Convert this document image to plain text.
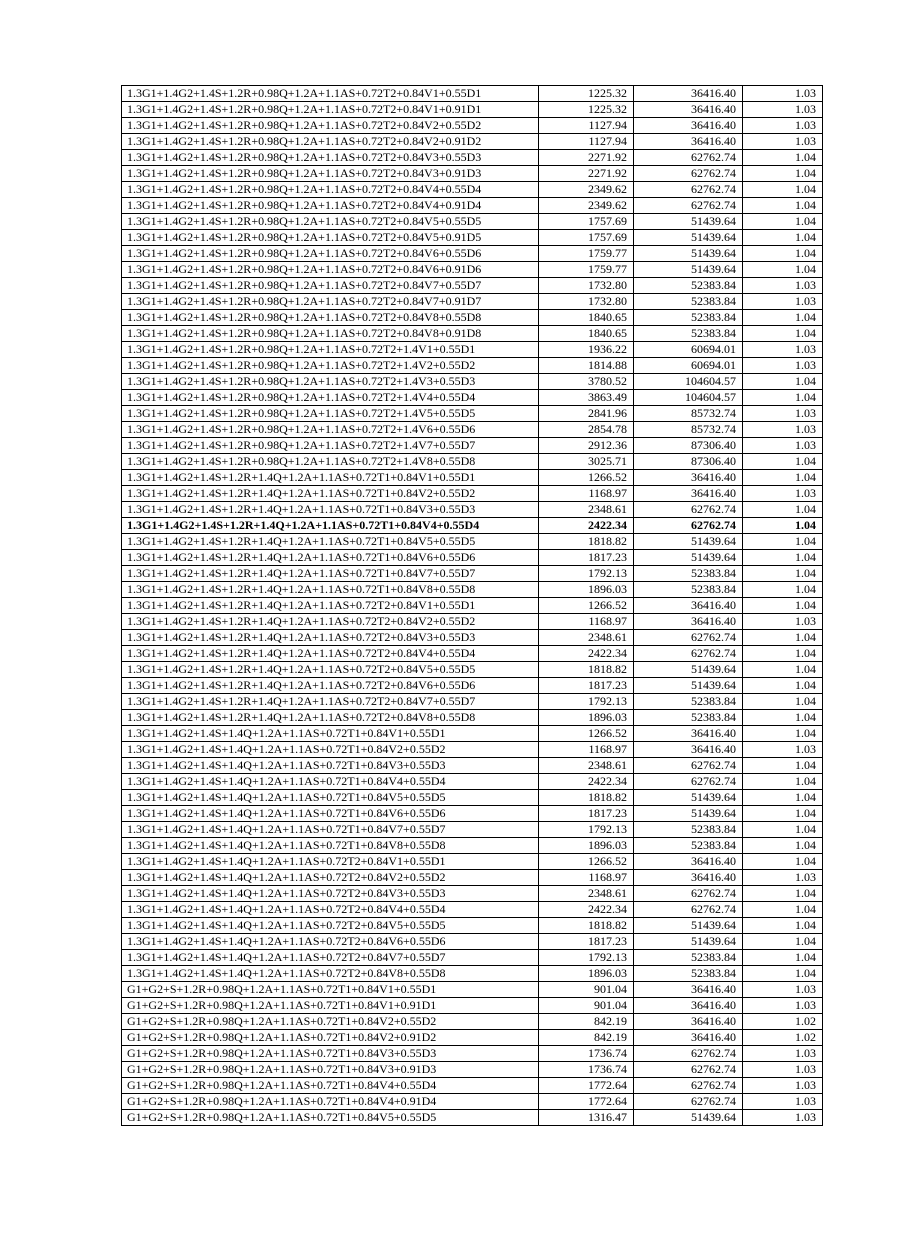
1.3G1+1.4G2+1.4S+1.2R+0.98Q+1.2A+1.1AS+0.72T2+0.84V1+0.55D1	1225.32	36416.40	1.03
1.3G1+1.4G2+1.4S+1.2R+0.98Q+1.2A+1.1AS+0.72T2+0.84V1+0.91D1	1225.32	36416.40	1.03
1.3G1+1.4G2+1.4S+1.2R+0.98Q+1.2A+1.1AS+0.72T2+0.84V2+0.55D2	1127.94	36416.40	1.03
1.3G1+1.4G2+1.4S+1.2R+0.98Q+1.2A+1.1AS+0.72T2+0.84V2+0.91D2	1127.94	36416.40	1.03
1.3G1+1.4G2+1.4S+1.2R+0.98Q+1.2A+1.1AS+0.72T2+0.84V3+0.55D3	2271.92	62762.74	1.04
1.3G1+1.4G2+1.4S+1.2R+0.98Q+1.2A+1.1AS+0.72T2+0.84V3+0.91D3	2271.92	62762.74	1.04
1.3G1+1.4G2+1.4S+1.2R+0.98Q+1.2A+1.1AS+0.72T2+0.84V4+0.55D4	2349.62	62762.74	1.04
1.3G1+1.4G2+1.4S+1.2R+0.98Q+1.2A+1.1AS+0.72T2+0.84V4+0.91D4	2349.62	62762.74	1.04
1.3G1+1.4G2+1.4S+1.2R+0.98Q+1.2A+1.1AS+0.72T2+0.84V5+0.55D5	1757.69	51439.64	1.04
1.3G1+1.4G2+1.4S+1.2R+0.98Q+1.2A+1.1AS+0.72T2+0.84V5+0.91D5	1757.69	51439.64	1.04
1.3G1+1.4G2+1.4S+1.2R+0.98Q+1.2A+1.1AS+0.72T2+0.84V6+0.55D6	1759.77	51439.64	1.04
1.3G1+1.4G2+1.4S+1.2R+0.98Q+1.2A+1.1AS+0.72T2+0.84V6+0.91D6	1759.77	51439.64	1.04
1.3G1+1.4G2+1.4S+1.2R+0.98Q+1.2A+1.1AS+0.72T2+0.84V7+0.55D7	1732.80	52383.84	1.03
1.3G1+1.4G2+1.4S+1.2R+0.98Q+1.2A+1.1AS+0.72T2+0.84V7+0.91D7	1732.80	52383.84	1.03
1.3G1+1.4G2+1.4S+1.2R+0.98Q+1.2A+1.1AS+0.72T2+0.84V8+0.55D8	1840.65	52383.84	1.04
1.3G1+1.4G2+1.4S+1.2R+0.98Q+1.2A+1.1AS+0.72T2+0.84V8+0.91D8	1840.65	52383.84	1.04
1.3G1+1.4G2+1.4S+1.2R+0.98Q+1.2A+1.1AS+0.72T2+1.4V1+0.55D1	1936.22	60694.01	1.03
1.3G1+1.4G2+1.4S+1.2R+0.98Q+1.2A+1.1AS+0.72T2+1.4V2+0.55D2	1814.88	60694.01	1.03
1.3G1+1.4G2+1.4S+1.2R+0.98Q+1.2A+1.1AS+0.72T2+1.4V3+0.55D3	3780.52	104604.57	1.04
1.3G1+1.4G2+1.4S+1.2R+0.98Q+1.2A+1.1AS+0.72T2+1.4V4+0.55D4	3863.49	104604.57	1.04
1.3G1+1.4G2+1.4S+1.2R+0.98Q+1.2A+1.1AS+0.72T2+1.4V5+0.55D5	2841.96	85732.74	1.03
1.3G1+1.4G2+1.4S+1.2R+0.98Q+1.2A+1.1AS+0.72T2+1.4V6+0.55D6	2854.78	85732.74	1.03
1.3G1+1.4G2+1.4S+1.2R+0.98Q+1.2A+1.1AS+0.72T2+1.4V7+0.55D7	2912.36	87306.40	1.03
1.3G1+1.4G2+1.4S+1.2R+0.98Q+1.2A+1.1AS+0.72T2+1.4V8+0.55D8	3025.71	87306.40	1.04
1.3G1+1.4G2+1.4S+1.2R+1.4Q+1.2A+1.1AS+0.72T1+0.84V1+0.55D1	1266.52	36416.40	1.04
1.3G1+1.4G2+1.4S+1.2R+1.4Q+1.2A+1.1AS+0.72T1+0.84V2+0.55D2	1168.97	36416.40	1.03
1.3G1+1.4G2+1.4S+1.2R+1.4Q+1.2A+1.1AS+0.72T1+0.84V3+0.55D3	2348.61	62762.74	1.04
1.3G1+1.4G2+1.4S+1.2R+1.4Q+1.2A+1.1AS+0.72T1+0.84V4+0.55D4	2422.34	62762.74	1.04
1.3G1+1.4G2+1.4S+1.2R+1.4Q+1.2A+1.1AS+0.72T1+0.84V5+0.55D5	1818.82	51439.64	1.04
1.3G1+1.4G2+1.4S+1.2R+1.4Q+1.2A+1.1AS+0.72T1+0.84V6+0.55D6	1817.23	51439.64	1.04
1.3G1+1.4G2+1.4S+1.2R+1.4Q+1.2A+1.1AS+0.72T1+0.84V7+0.55D7	1792.13	52383.84	1.04
1.3G1+1.4G2+1.4S+1.2R+1.4Q+1.2A+1.1AS+0.72T1+0.84V8+0.55D8	1896.03	52383.84	1.04
1.3G1+1.4G2+1.4S+1.2R+1.4Q+1.2A+1.1AS+0.72T2+0.84V1+0.55D1	1266.52	36416.40	1.04
1.3G1+1.4G2+1.4S+1.2R+1.4Q+1.2A+1.1AS+0.72T2+0.84V2+0.55D2	1168.97	36416.40	1.03
1.3G1+1.4G2+1.4S+1.2R+1.4Q+1.2A+1.1AS+0.72T2+0.84V3+0.55D3	2348.61	62762.74	1.04
1.3G1+1.4G2+1.4S+1.2R+1.4Q+1.2A+1.1AS+0.72T2+0.84V4+0.55D4	2422.34	62762.74	1.04
1.3G1+1.4G2+1.4S+1.2R+1.4Q+1.2A+1.1AS+0.72T2+0.84V5+0.55D5	1818.82	51439.64	1.04
1.3G1+1.4G2+1.4S+1.2R+1.4Q+1.2A+1.1AS+0.72T2+0.84V6+0.55D6	1817.23	51439.64	1.04
1.3G1+1.4G2+1.4S+1.2R+1.4Q+1.2A+1.1AS+0.72T2+0.84V7+0.55D7	1792.13	52383.84	1.04
1.3G1+1.4G2+1.4S+1.2R+1.4Q+1.2A+1.1AS+0.72T2+0.84V8+0.55D8	1896.03	52383.84	1.04
1.3G1+1.4G2+1.4S+1.4Q+1.2A+1.1AS+0.72T1+0.84V1+0.55D1	1266.52	36416.40	1.04
1.3G1+1.4G2+1.4S+1.4Q+1.2A+1.1AS+0.72T1+0.84V2+0.55D2	1168.97	36416.40	1.03
1.3G1+1.4G2+1.4S+1.4Q+1.2A+1.1AS+0.72T1+0.84V3+0.55D3	2348.61	62762.74	1.04
1.3G1+1.4G2+1.4S+1.4Q+1.2A+1.1AS+0.72T1+0.84V4+0.55D4	2422.34	62762.74	1.04
1.3G1+1.4G2+1.4S+1.4Q+1.2A+1.1AS+0.72T1+0.84V5+0.55D5	1818.82	51439.64	1.04
1.3G1+1.4G2+1.4S+1.4Q+1.2A+1.1AS+0.72T1+0.84V6+0.55D6	1817.23	51439.64	1.04
1.3G1+1.4G2+1.4S+1.4Q+1.2A+1.1AS+0.72T1+0.84V7+0.55D7	1792.13	52383.84	1.04
1.3G1+1.4G2+1.4S+1.4Q+1.2A+1.1AS+0.72T1+0.84V8+0.55D8	1896.03	52383.84	1.04
1.3G1+1.4G2+1.4S+1.4Q+1.2A+1.1AS+0.72T2+0.84V1+0.55D1	1266.52	36416.40	1.04
1.3G1+1.4G2+1.4S+1.4Q+1.2A+1.1AS+0.72T2+0.84V2+0.55D2	1168.97	36416.40	1.03
1.3G1+1.4G2+1.4S+1.4Q+1.2A+1.1AS+0.72T2+0.84V3+0.55D3	2348.61	62762.74	1.04
1.3G1+1.4G2+1.4S+1.4Q+1.2A+1.1AS+0.72T2+0.84V4+0.55D4	2422.34	62762.74	1.04
1.3G1+1.4G2+1.4S+1.4Q+1.2A+1.1AS+0.72T2+0.84V5+0.55D5	1818.82	51439.64	1.04
1.3G1+1.4G2+1.4S+1.4Q+1.2A+1.1AS+0.72T2+0.84V6+0.55D6	1817.23	51439.64	1.04
1.3G1+1.4G2+1.4S+1.4Q+1.2A+1.1AS+0.72T2+0.84V7+0.55D7	1792.13	52383.84	1.04
1.3G1+1.4G2+1.4S+1.4Q+1.2A+1.1AS+0.72T2+0.84V8+0.55D8	1896.03	52383.84	1.04
G1+G2+S+1.2R+0.98Q+1.2A+1.1AS+0.72T1+0.84V1+0.55D1	901.04	36416.40	1.03
G1+G2+S+1.2R+0.98Q+1.2A+1.1AS+0.72T1+0.84V1+0.91D1	901.04	36416.40	1.03
G1+G2+S+1.2R+0.98Q+1.2A+1.1AS+0.72T1+0.84V2+0.55D2	842.19	36416.40	1.02
G1+G2+S+1.2R+0.98Q+1.2A+1.1AS+0.72T1+0.84V2+0.91D2	842.19	36416.40	1.02
G1+G2+S+1.2R+0.98Q+1.2A+1.1AS+0.72T1+0.84V3+0.55D3	1736.74	62762.74	1.03
G1+G2+S+1.2R+0.98Q+1.2A+1.1AS+0.72T1+0.84V3+0.91D3	1736.74	62762.74	1.03
G1+G2+S+1.2R+0.98Q+1.2A+1.1AS+0.72T1+0.84V4+0.55D4	1772.64	62762.74	1.03
G1+G2+S+1.2R+0.98Q+1.2A+1.1AS+0.72T1+0.84V4+0.91D4	1772.64	62762.74	1.03
G1+G2+S+1.2R+0.98Q+1.2A+1.1AS+0.72T1+0.84V5+0.55D5	1316.47	51439.64	1.03
